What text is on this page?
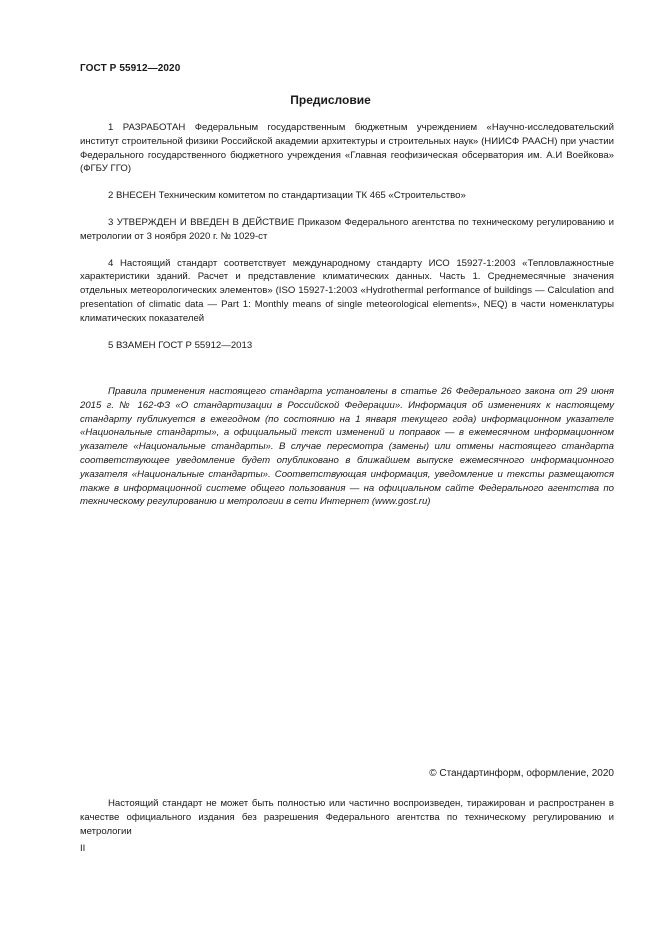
ГОСТ Р 55912—2020
Предисловие

1 РАЗРАБОТАН Федеральным государственным бюджетным учреждением «Научно-исследовательский институт строительной физики Российской академии архитектуры и строительных наук» (НИИСФ РААСН) при участии Федерального государственного бюджетного учреждения «Главная геофизическая обсерватория им. А.И Воейкова» (ФГБУ ГГО)

2 ВНЕСЕН Техническим комитетом по стандартизации ТК 465 «Строительство»

3 УТВЕРЖДЕН И ВВЕДЕН В ДЕЙСТВИЕ Приказом Федерального агентства по техническому регулированию и метрологии от 3 ноября 2020 г. № 1029-ст

4 Настоящий стандарт соответствует международному стандарту ИСО 15927-1:2003 «Тепловлажностные характеристики зданий. Расчет и представление климатических данных. Часть 1. Среднемесячные значения отдельных метеорологических элементов» (ISO 15927-1:2003 «Hydrothermal performance of buildings — Calculation and presentation of climatic data — Part 1: Monthly means of single meteorological elements», NEQ) в части номенклатуры климатических показателей

5 ВЗАМЕН ГОСТ Р 55912—2013

Правила применения настоящего стандарта установлены в статье 26 Федерального закона от 29 июня 2015 г. № 162-ФЗ «О стандартизации в Российской Федерации». Информация об изменениях к настоящему стандарту публикуется в ежегодном (по состоянию на 1 января текущего года) информационном указателе «Национальные стандарты», а официальный текст изменений и поправок — в ежемесячном информационном указателе «Национальные стандарты». В случае пересмотра (замены) или отмены настоящего стандарта соответствующее уведомление будет опубликовано в ближайшем выпуске ежемесячного информационного указателя «Национальные стандарты». Соответствующая информация, уведомление и тексты размещаются также в информационной системе общего пользования — на официальном сайте Федерального агентства по техническому регулированию и метрологии в сети Интернет (www.gost.ru)

© Стандартинформ, оформление, 2020

Настоящий стандарт не может быть полностью или частично воспроизведен, тиражирован и распространен в качестве официального издания без разрешения Федерального агентства по техническому регулированию и метрологии

II
